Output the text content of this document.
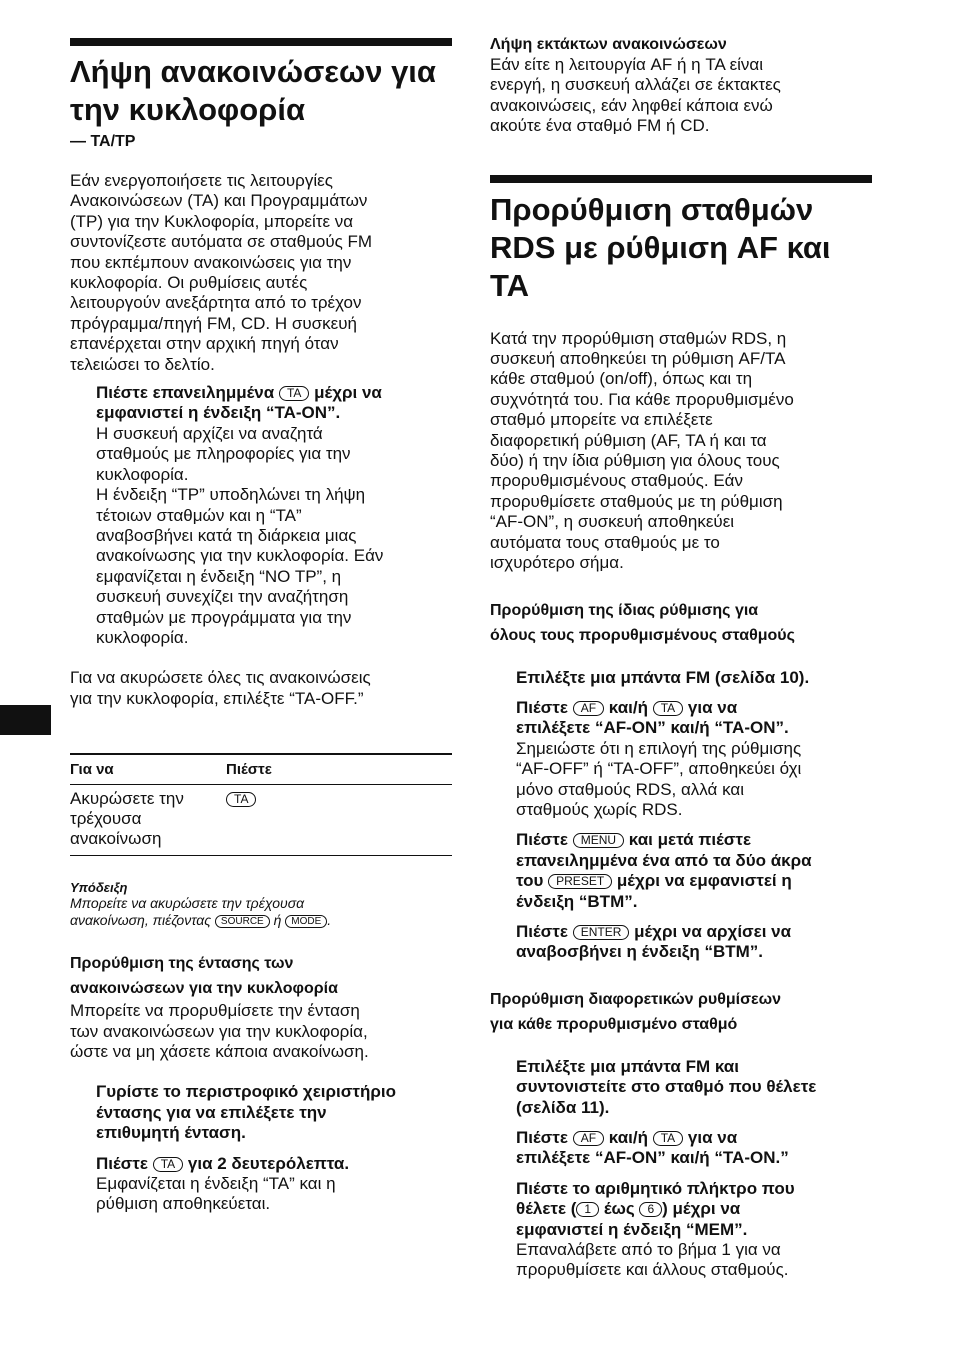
Λήψη ανακοινώσεων για
την κυκλοφορία
— TA/TP
Εάν ενεργοποιήσετε τις λειτουργίες
Ανακοινώσεων (TA) και Προγραμμάτων
(TP) για την Κυκλοφορία, μπορείτε να
συντονίζεστε αυτόματα σε σταθμούς FM
που εκπέμπουν ανακοινώσεις για την
κυκλοφορία. Οι ρυθμίσεις αυτές
λειτουργούν ανεξάρτητα από το τρέχον
πρόγραμμα/πηγή FM, CD. Η συσκευή
επανέρχεται στην αρχική πηγή όταν
τελειώσει το δελτίο.
Πιέστε επανειλημμένα TA μέχρι να
εμφανιστεί η ένδειξη “TA-ON”.
Η συσκευή αρχίζει να αναζητά
σταθμούς με πληροφορίες για την
κυκλοφορία.
Η ένδειξη “TP” υποδηλώνει τη λήψη
τέτοιων σταθμών και η “TA”
αναβοσβήνει κατά τη διάρκεια μιας
ανακοίνωσης για την κυκλοφορία. Εάν
εμφανίζεται η ένδειξη “NO TP”, η
συσκευή συνεχίζει την αναζήτηση
σταθμών με προγράμματα για την
κυκλοφορία.
Για να ακυρώσετε όλες τις ανακοινώσεις
για την κυκλοφορία, επιλέξτε “TA-OFF.”
Για να	Πιέστε

Ακυρώσετε την
τρέχουσα
ανακοίνωση	TA
Υπόδειξη
Μπορείτε να ακυρώσετε την τρέχουσα
ανακοίνωση, πιέζοντας SOURCE ή MODE .
Προρύθμιση της έντασης των
ανακοινώσεων για την κυκλοφορία
Μπορείτε να προρυθμίσετε την ένταση
των ανακοινώσεων για την κυκλοφορία,
ώστε να μη χάσετε κάποια ανακοίνωση.
Γυρίστε το περιστροφικό χειριστήριο
έντασης για να επιλέξετε την
επιθυμητή ένταση.
Πιέστε TA για 2 δευτερόλεπτα.
Εμφανίζεται η ένδειξη “TA” και η
ρύθμιση αποθηκεύεται.
Λήψη εκτάκτων ανακοινώσεων
Εάν είτε η λειτουργία AF ή η TA είναι
ενεργή, η συσκευή αλλάζει σε έκτακτες
ανακοινώσεις, εάν ληφθεί κάποια ενώ
ακούτε ένα σταθμό FM ή CD.
Προρύθμιση σταθμών
RDS με ρύθμιση AF και
TA
Κατά την προρύθμιση σταθμών RDS, η
συσκευή αποθηκεύει τη ρύθμιση AF/TA
κάθε σταθμού (on/off), όπως και τη
συχνότητά του. Για κάθε προρυθμισμένο
σταθμό μπορείτε να επιλέξετε
διαφορετική ρύθμιση (AF, TA ή και τα
δύο) ή την ίδια ρύθμιση για όλους τους
προρυθμισμένους σταθμούς. Εάν
προρυθμίσετε σταθμούς με τη ρύθμιση
“AF-ON”, η συσκευή αποθηκεύει
αυτόματα τους σταθμούς με το
ισχυρότερο σήμα.
Προρύθμιση της ίδιας ρύθμισης για
όλους τους προρυθμισμένους σταθμούς
Επιλέξτε μια μπάντα FM (σελίδα 10).
Πιέστε AF και/ή TA για να
επιλέξετε “AF-ON” και/ή “TA-ON”.
Σημειώστε ότι η επιλογή της ρύθμισης
“AF-OFF” ή “TA-OFF”, αποθηκεύει όχι
μόνο σταθμούς RDS, αλλά και
σταθμούς χωρίς RDS.
Πιέστε MENU και μετά πιέστε
επανειλημμένα ένα από τα δύο άκρα
του PRESET μέχρι να εμφανιστεί η
ένδειξη “BTM”.
Πιέστε ENTER μέχρι να αρχίσει να
αναβοσβήνει η ένδειξη “BTM”.
Προρύθμιση διαφορετικών ρυθμίσεων
για κάθε προρυθμισμένο σταθμό
Επιλέξτε μια μπάντα FM και
συντονιστείτε στο σταθμό που θέλετε
(σελίδα 11).
Πιέστε AF και/ή TA για να
επιλέξετε “AF-ON” και/ή “TA-ON.”
Πιέστε το αριθμητικό πλήκτρο που
θέλετε ( 1 έως 6 ) μέχρι να
εμφανιστεί η ένδειξη “MEM”.
Επαναλάβετε από το βήμα 1 για να
προρυθμίσετε και άλλους σταθμούς.
